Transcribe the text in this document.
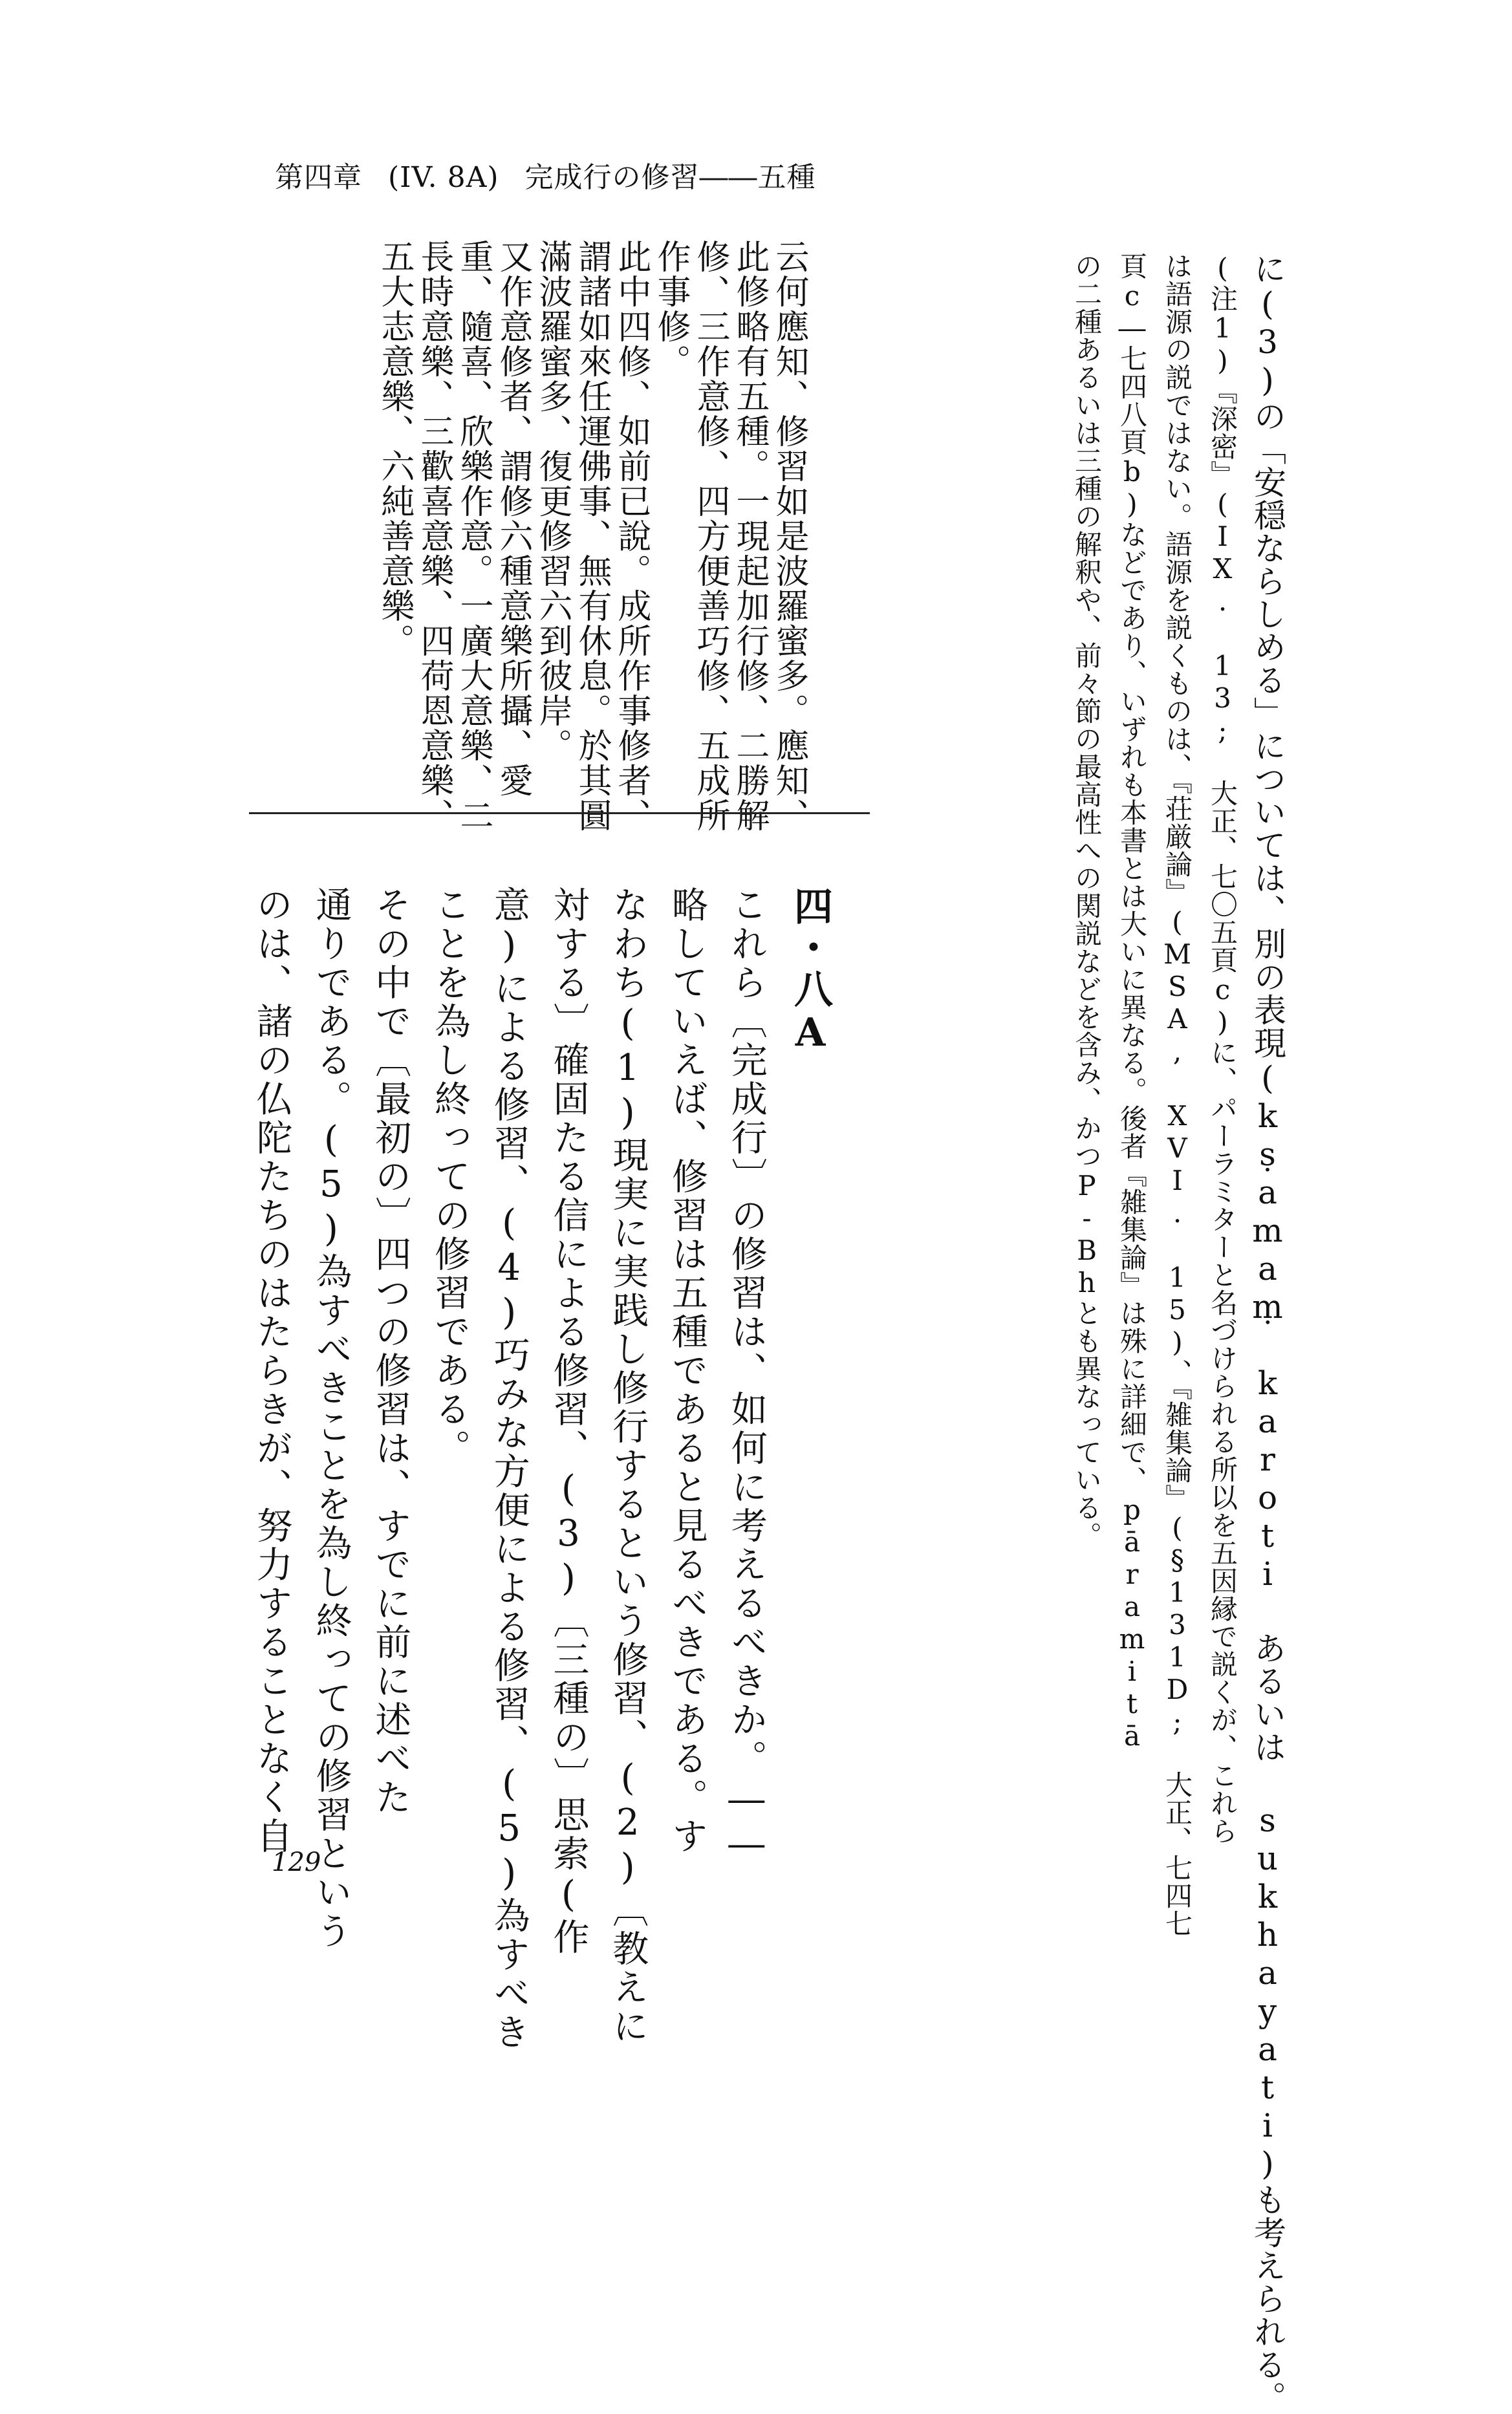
第四章 (IV. 8A) 完成行の修習――五種
云何應知、修習如是波羅蜜多。應知、
此修略有五種。一現起加行修、二勝解
修、三作意修、四方便善巧修、五成所
作事修。
此中四修、如前已說。成所作事修者、
謂諸如來任運佛事、無有休息。於其圓
滿波羅蜜多、復更修習六到彼岸。
又作意修者、謂修六種意樂所攝、愛
重、隨喜、欣樂作意。一廣大意樂、二
長時意樂、三歡喜意樂、四荷恩意樂、
五大志意樂、六純善意樂。	に(3)の「安穏ならしめる」については、別の表現(kṣamaṃ karoti あるいは sukhayati)も考えられる。
(注1)『深密』(IX. 13; 大正、七〇五頁c)に、パーラミターと名づけられる所以を五因縁で説くが、これら
は語源の説ではない。語源を説くものは、『荘厳論』(MSA, XVI. 15)、『雑集論』(§131D; 大正、七四七
頁c―七四八頁b)などであり、いずれも本書とは大いに異なる。後者『雑集論』は殊に詳細で、pāramitā
の二種あるいは三種の解釈や、前々節の最高性への関説などを含み、かつP-Bhとも異なっている。
四・八A
これら〔完成行〕の修習は、如何に考えるべきか。――
略していえば、修習は五種であると見るべきである。す
なわち(1)現実に実践し修行するという修習、(2)〔教えに
対する〕確固たる信による修習、(3)〔三種の〕思索(作
意)による修習、(4)巧みな方便による修習、(5)為すべき
ことを為し終っての修習である。
その中で〔最初の〕四つの修習は、すでに前に述べた
通りである。(5)為すべきことを為し終っての修習という
のは、諸の仏陀たちのはたらきが、努力することなく自
129
